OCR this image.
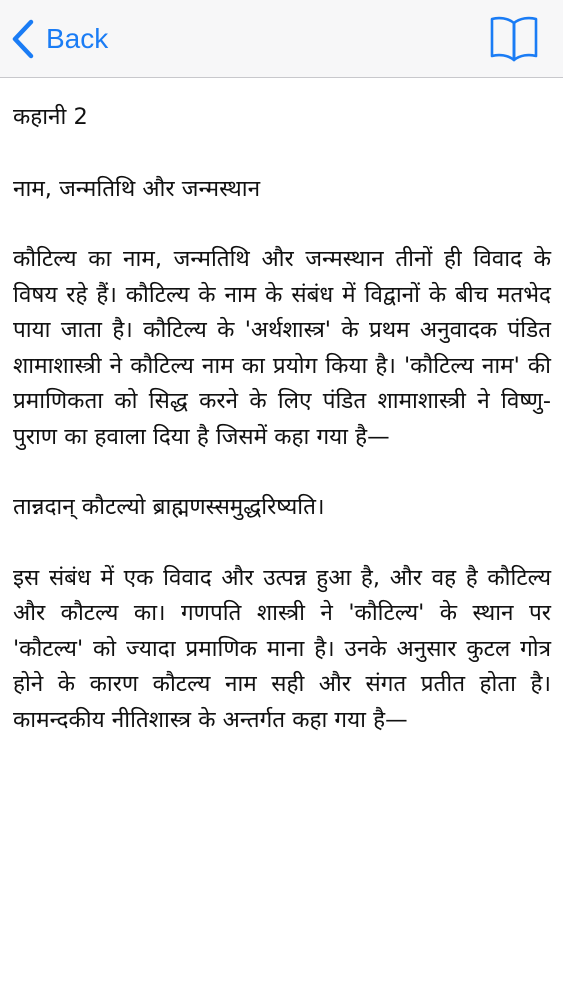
Back

कहानी 2

नाम, जन्मतिथि और जन्मस्थान

कौटिल्य का नाम, जन्मतिथि और जन्मस्थान तीनों ही विवाद के विषय रहे हैं। कौटिल्य के नाम के संबंध में विद्वानों के बीच मतभेद पाया जाता है। कौटिल्य के 'अर्थशास्त्र' के प्रथम अनुवादक पंडित शामाशास्त्री ने कौटिल्य नाम का प्रयोग किया है। 'कौटिल्य नाम' की प्रमाणिकता को सिद्ध करने के लिए पंडित शामाशास्त्री ने विष्णु-पुराण का हवाला दिया है जिसमें कहा गया है—

तान्नदान् कौटल्यो ब्राह्मणस्समुद्धरिष्यति।

इस संबंध में एक विवाद और उत्पन्न हुआ है, और वह है कौटिल्य और कौटल्य का। गणपति शास्त्री ने 'कौटिल्य' के स्थान पर 'कौटल्य' को ज्यादा प्रमाणिक माना है। उनके अनुसार कुटल गोत्र होने के कारण कौटल्य नाम सही और संगत प्रतीत होता है। कामन्दकीय नीतिशास्त्र के अन्तर्गत कहा गया है—
